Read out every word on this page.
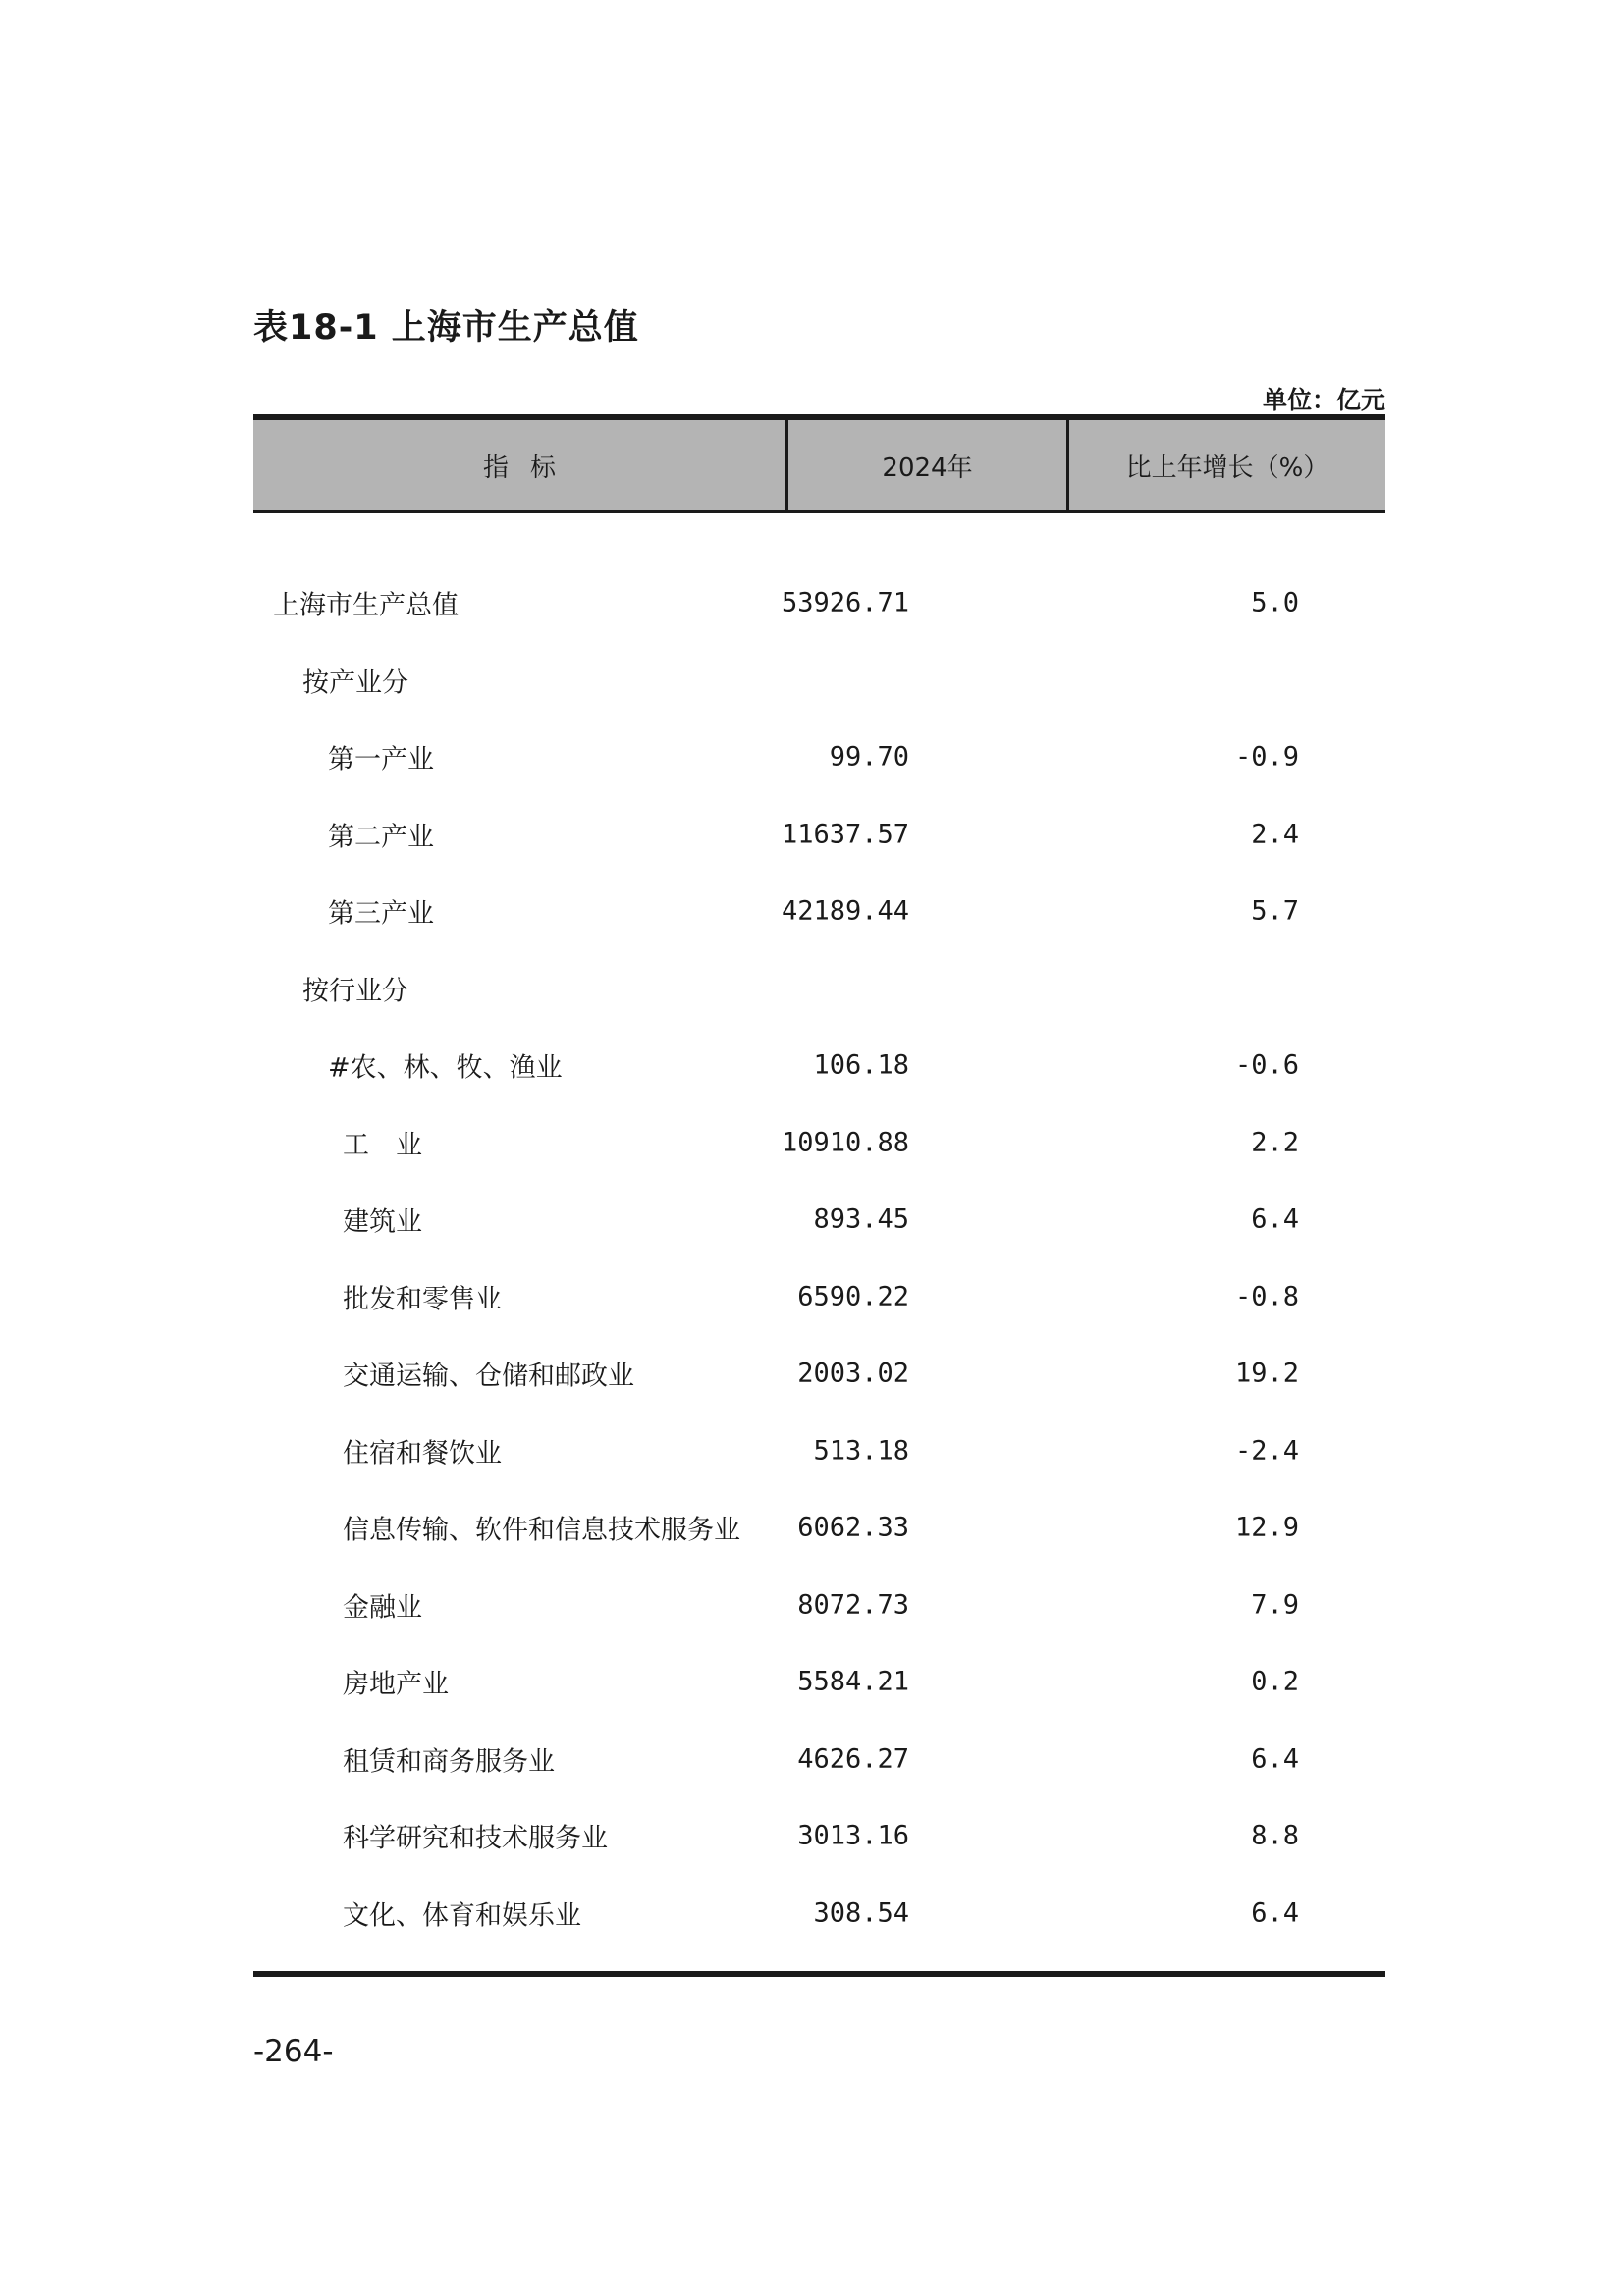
表18-1 上海市生产总值
单位：亿元
指标	2024年	比上年增长（%）
上海市生产总值	53926.71	5.0
按产业分
第一产业	99.70	-0.9
第二产业	11637.57	2.4
第三产业	42189.44	5.7
按行业分
#农、林、牧、渔业	106.18	-0.6
工　业	10910.88	2.2
建筑业	893.45	6.4
批发和零售业	6590.22	-0.8
交通运输、仓储和邮政业	2003.02	19.2
住宿和餐饮业	513.18	-2.4
信息传输、软件和信息技术服务业	6062.33	12.9
金融业	8072.73	7.9
房地产业	5584.21	0.2
租赁和商务服务业	4626.27	6.4
科学研究和技术服务业	3013.16	8.8
文化、体育和娱乐业	308.54	6.4
-264-
